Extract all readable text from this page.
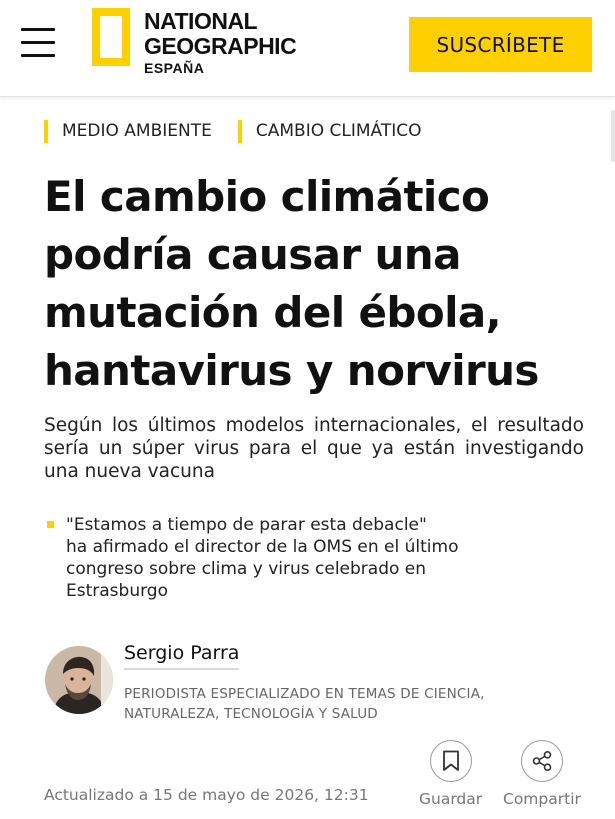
NATIONAL
GEOGRAPHIC
ESPAÑA
SUSCRÍBETE
MEDIO AMBIENTE	CAMBIO CLIMÁTICO
El cambio climático
podría causar una
mutación del ébola,
hantavirus y norvirus

Según los últimos modelos internacionales, el resultado sería un súper virus para el que ya están investigando una nueva vacuna

"Estamos a tiempo de parar esta debacle"
ha afirmado el director de la OMS en el último
congreso sobre clima y virus celebrado en
Estrasburgo
Sergio Parra
PERIODISTA ESPECIALIZADO EN TEMAS DE CIENCIA,
NATURALEZA, TECNOLOGÍA Y SALUD
Actualizado a 15 de mayo de 2026, 12:31	Guardar Compartir
